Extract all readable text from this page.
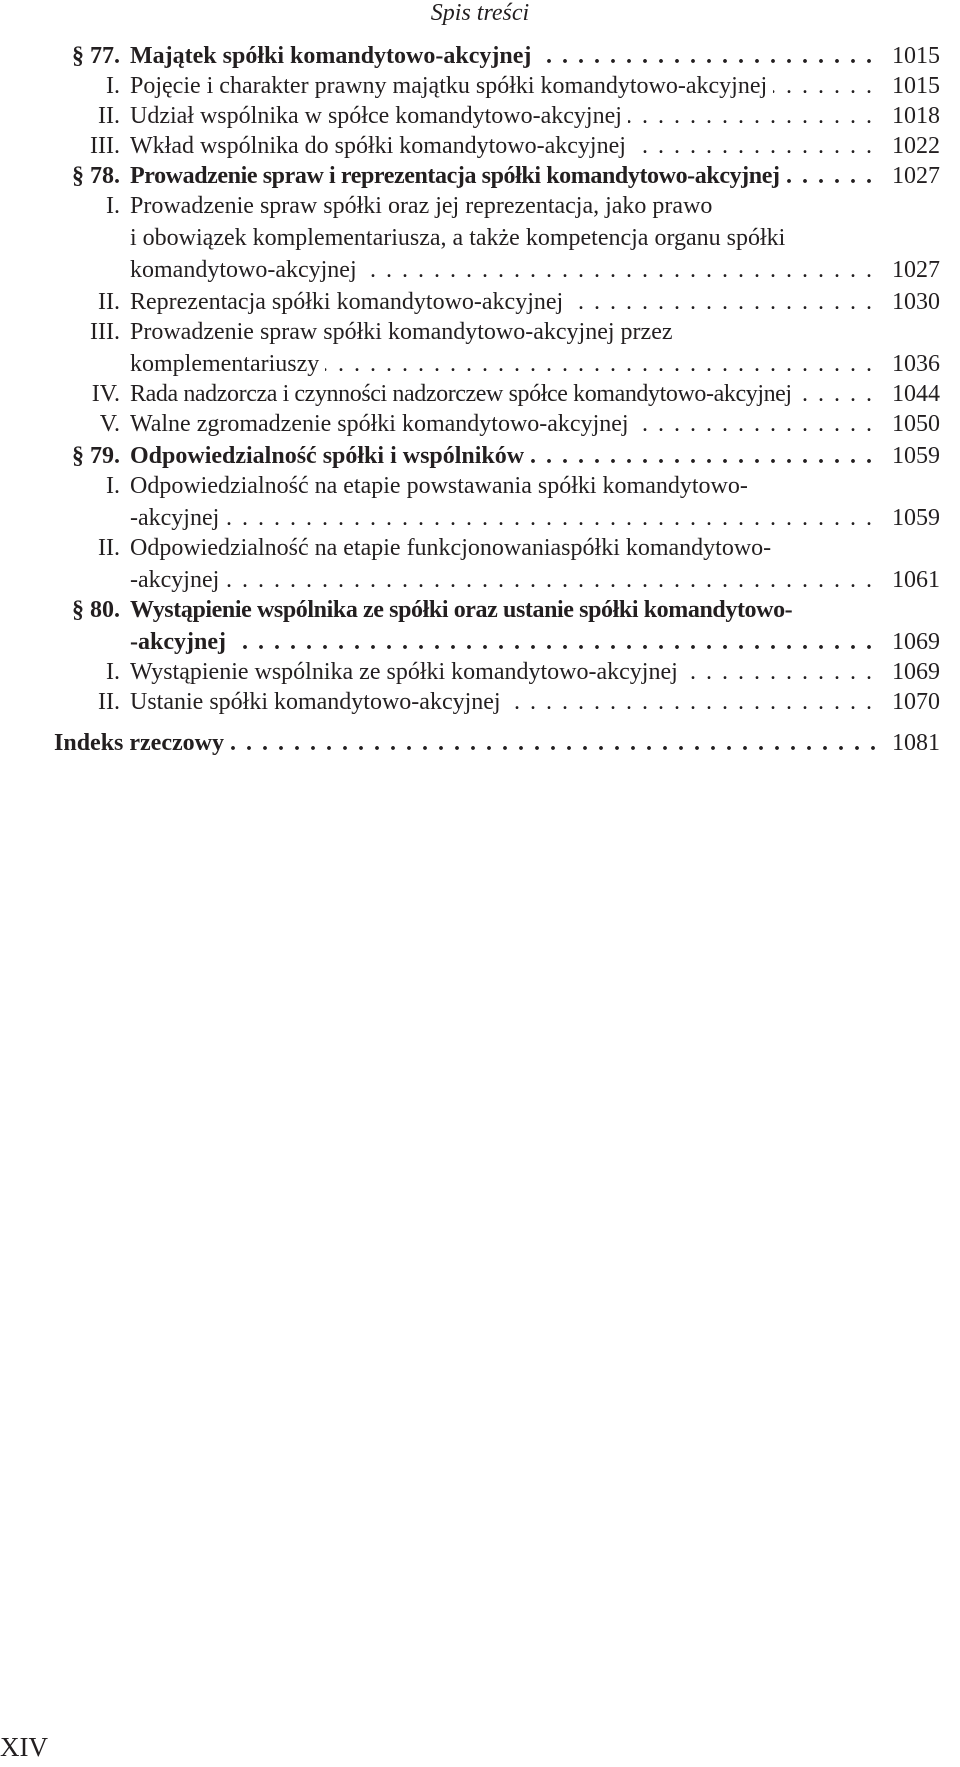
Spis treści
§ 77. Majątek spółki komandytowo-akcyjnej . . .	1015
I. Pojęcie i charakter prawny majątku spółki komandytowo-akcyjnej . . .	1015
II. Udział wspólnika w spółce komandytowo-akcyjnej . . .	1018
III. Wkład wspólnika do spółki komandytowo-akcyjnej . . .	1022
§ 78. Prowadzenie spraw i reprezentacja spółki komandytowo-akcyjnej . . .	1027
I. Prowadzenie spraw spółki oraz jej reprezentacja, jako prawo
i obowiązek komplementariusza, a także kompetencja organu spółki
komandytowo-akcyjnej . . .	1027
II. Reprezentacja spółki komandytowo-akcyjnej . . .	1030
III. Prowadzenie spraw spółki komandytowo-akcyjnej przez
komplementariuszy . . .	1036
IV. Rada nadzorcza i czynności nadzorczew spółce komandytowo-akcyjnej . . .	1044
V. Walne zgromadzenie spółki komandytowo-akcyjnej . . .	1050
§ 79. Odpowiedzialność spółki i wspólników . . .	1059
I. Odpowiedzialność na etapie powstawania spółki komandytowo-
-akcyjnej . . .	1059
II. Odpowiedzialność na etapie funkcjonowaniaspółki komandytowo-
-akcyjnej . . .	1061
§ 80. Wystąpienie wspólnika ze spółki oraz ustanie spółki komandytowo-
-akcyjnej . . .	1069
I. Wystąpienie wspólnika ze spółki komandytowo-akcyjnej . . .	1069
II. Ustanie spółki komandytowo-akcyjnej . . .	1070
Indeks rzeczowy . . .	1081
XIV
